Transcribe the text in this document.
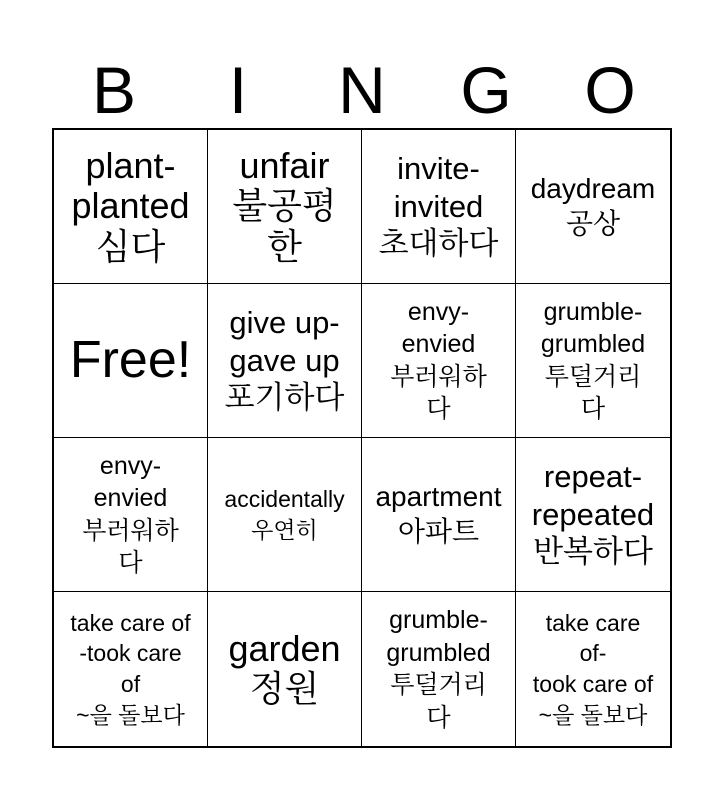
B	I	N	G	O
plant-
planted
심다
unfair
불공평
한
invite-
invited
초대하다
daydream
공상
Free!
give up-
gave up
포기하다
envy-
envied
부러워하
다
grumble-
grumbled
투덜거리
다
envy-
envied
부러워하
다
accidentally
우연히
apartment
아파트
repeat-
repeated
반복하다
take care of
-took care
of
~을 돌보다
garden
정원
grumble-
grumbled
투덜거리
다
take care
of-
took care of
~을 돌보다
